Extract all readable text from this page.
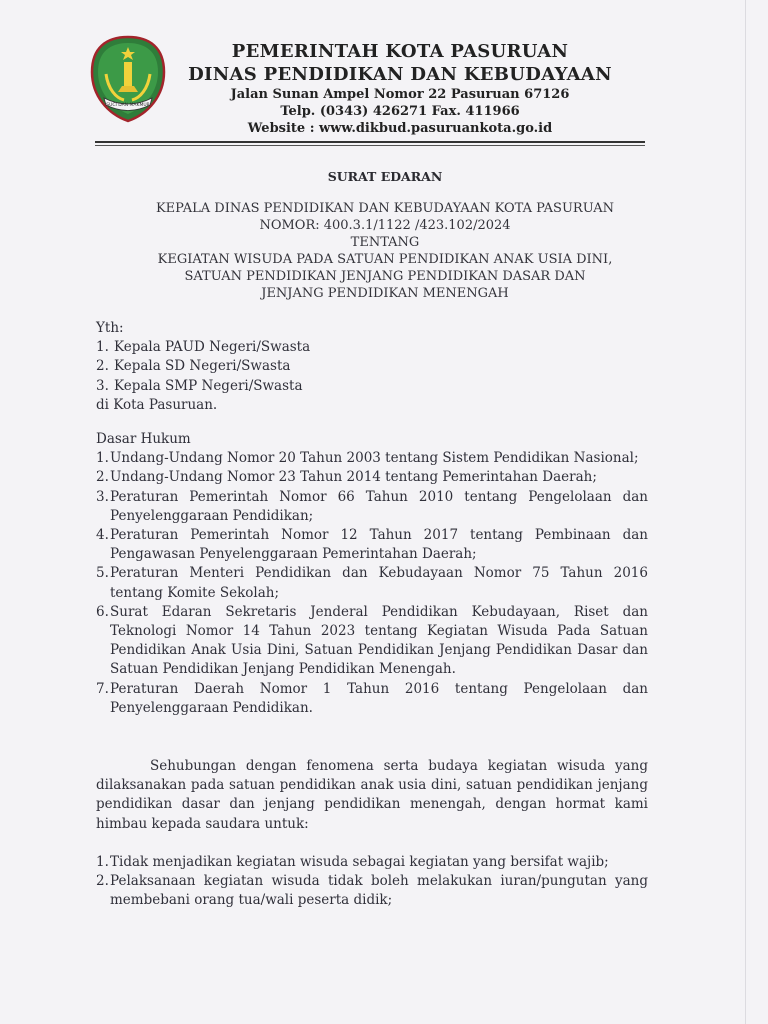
SUCI DAN MAKMUR
PEMERINTAH KOTA PASURUAN
DINAS PENDIDIKAN DAN KEBUDAYAAN
Jalan Sunan Ampel Nomor 22 Pasuruan 67126
Telp. (0343) 426271 Fax. 411966
Website : www.dikbud.pasuruankota.go.id
SURAT EDARAN
KEPALA DINAS PENDIDIKAN DAN KEBUDAYAAN KOTA PASURUAN
NOMOR: 400.3.1/1122 /423.102/2024
TENTANG
KEGIATAN WISUDA PADA SATUAN PENDIDIKAN ANAK USIA DINI,
SATUAN PENDIDIKAN JENJANG PENDIDIKAN DASAR DAN
JENJANG PENDIDIKAN MENENGAH
Yth:
1. Kepala PAUD Negeri/Swasta
2. Kepala SD Negeri/Swasta
3. Kepala SMP Negeri/Swasta
di Kota Pasuruan.
Dasar Hukum
1. Undang-Undang Nomor 20 Tahun 2003 tentang Sistem Pendidikan Nasional;
2. Undang-Undang Nomor 23 Tahun 2014 tentang Pemerintahan Daerah;
3. Peraturan Pemerintah Nomor 66 Tahun 2010 tentang Pengelolaan dan Penyelenggaraan Pendidikan;
4. Peraturan Pemerintah Nomor 12 Tahun 2017 tentang Pembinaan dan Pengawasan Penyelenggaraan Pemerintahan Daerah;
5. Peraturan Menteri Pendidikan dan Kebudayaan Nomor 75 Tahun 2016 tentang Komite Sekolah;
6. Surat Edaran Sekretaris Jenderal Pendidikan Kebudayaan, Riset dan Teknologi Nomor 14 Tahun 2023 tentang Kegiatan Wisuda Pada Satuan Pendidikan Anak Usia Dini, Satuan Pendidikan Jenjang Pendidikan Dasar dan Satuan Pendidikan Jenjang Pendidikan Menengah.
7. Peraturan Daerah Nomor 1 Tahun 2016 tentang Pengelolaan dan Penyelenggaraan Pendidikan.
Sehubungan dengan fenomena serta budaya kegiatan wisuda yang dilaksanakan pada satuan pendidikan anak usia dini, satuan pendidikan jenjang pendidikan dasar dan jenjang pendidikan menengah, dengan hormat kami himbau kepada saudara untuk:
1. Tidak menjadikan kegiatan wisuda sebagai kegiatan yang bersifat wajib;
2. Pelaksanaan kegiatan wisuda tidak boleh melakukan iuran/pungutan yang membebani orang tua/wali peserta didik;
